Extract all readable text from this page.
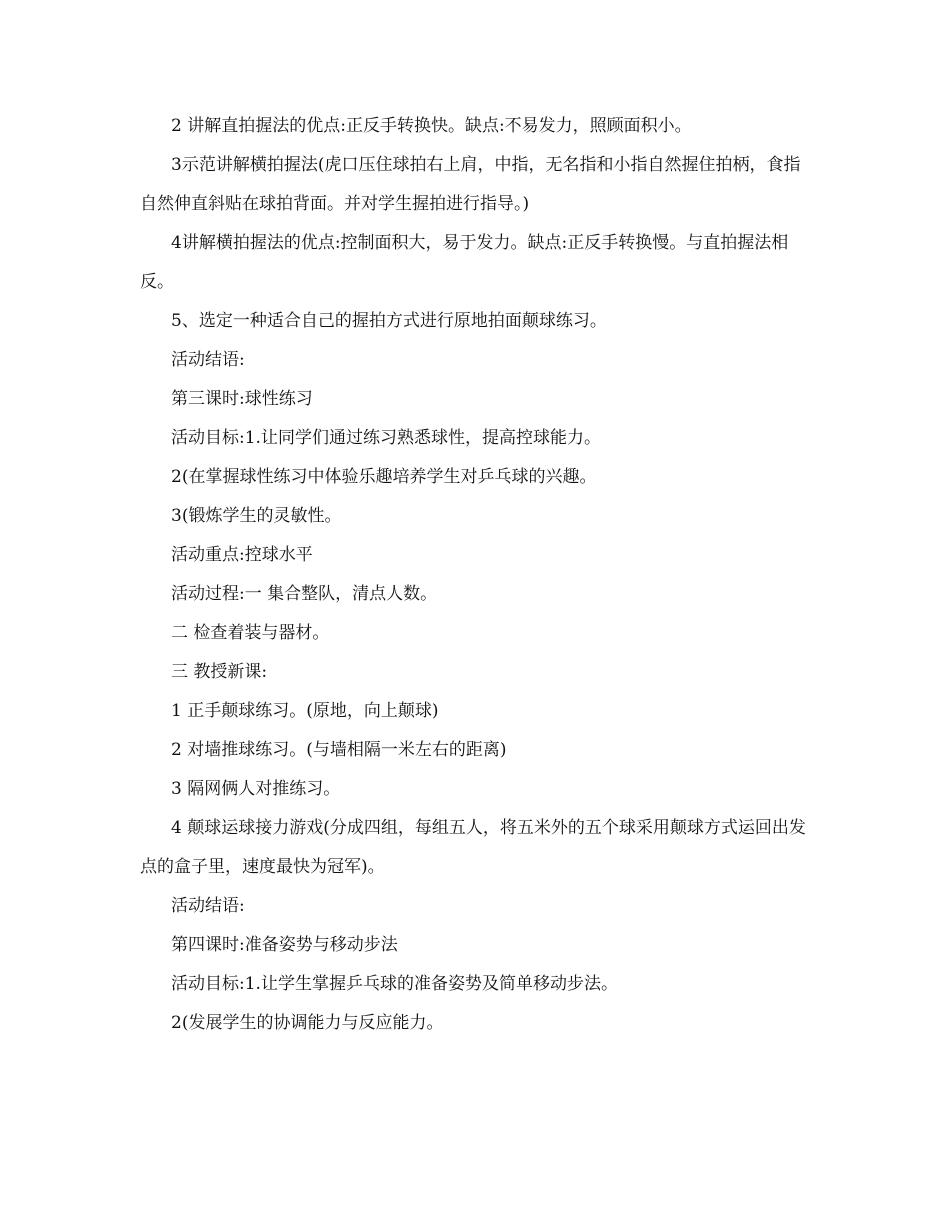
2 讲解直拍握法的优点:正反手转换快。缺点:不易发力，照顾面积小。

3示范讲解横拍握法(虎口压住球拍右上肩，中指，无名指和小指自然握住拍柄，食指自然伸直斜贴在球拍背面。并对学生握拍进行指导。)

4讲解横拍握法的优点:控制面积大，易于发力。缺点:正反手转换慢。与直拍握法相反。

5、选定一种适合自己的握拍方式进行原地拍面颠球练习。

活动结语:

第三课时:球性练习

活动目标:1.让同学们通过练习熟悉球性，提高控球能力。

2(在掌握球性练习中体验乐趣培养学生对乒乓球的兴趣。

3(锻炼学生的灵敏性。

活动重点:控球水平

活动过程:一 集合整队，清点人数。

二 检查着装与器材。

三 教授新课:

1 正手颠球练习。(原地，向上颠球)

2 对墙推球练习。(与墙相隔一米左右的距离)

3 隔网俩人对推练习。

4 颠球运球接力游戏(分成四组，每组五人，将五米外的五个球采用颠球方式运回出发点的盒子里，速度最快为冠军)。

活动结语:

第四课时:准备姿势与移动步法

活动目标:1.让学生掌握乒乓球的准备姿势及简单移动步法。

2(发展学生的协调能力与反应能力。
